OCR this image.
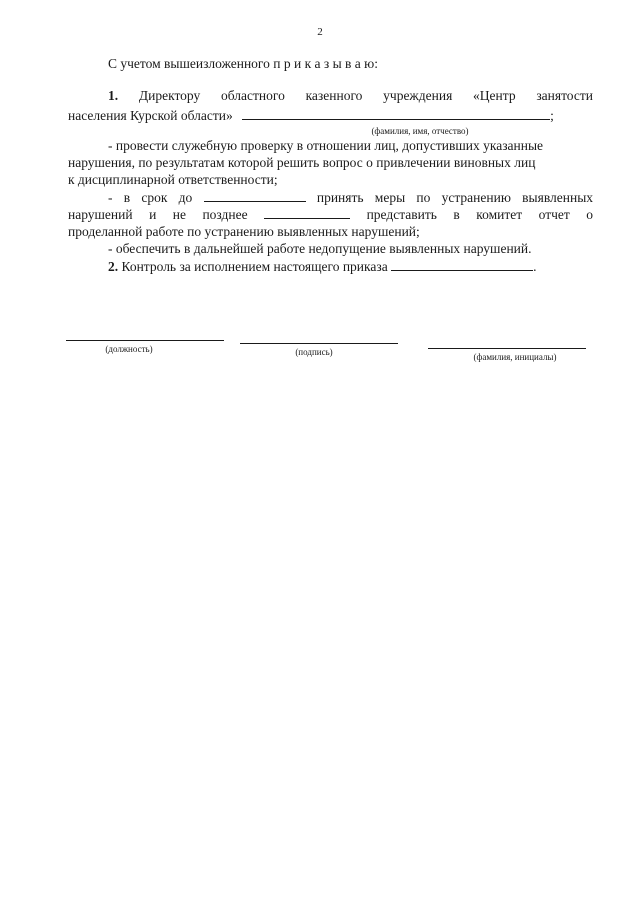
2
С учетом вышеизложенного п р и к а з ы в а ю:
1. Директору областного казенного учреждения «Центр занятости
населения Курской области»	;
(фамилия, имя, отчество)
- провести служебную проверку в отношении лиц, допустивших указанные
нарушения, по результатам которой решить вопрос о привлечении виновных лиц
к дисциплинарной ответственности;
- в срок до	принять меры по устранению выявленных
нарушений и не позднее	представить в комитет отчет о
проделанной работе по устранению выявленных нарушений;
- обеспечить в дальнейшей работе недопущение выявленных нарушений.
2. Контроль за исполнением настоящего приказа	.
(должность)	(подпись)	(фамилия, инициалы)
